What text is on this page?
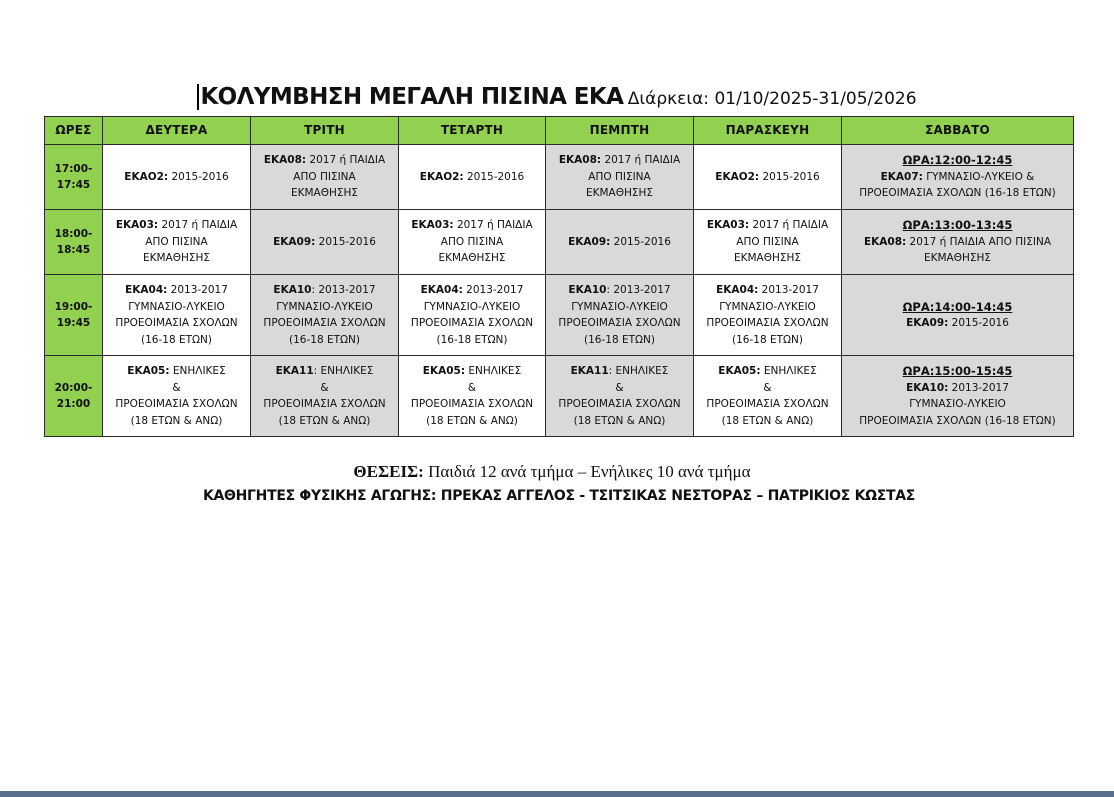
ΚΟΛΥΜΒΗΣΗ ΜΕΓΑΛΗ ΠΙΣΙΝΑ ΕΚΑ Διάρκεια: 01/10/2025-31/05/2026
ΩΡΕΣ	ΔΕΥΤΕΡΑ	ΤΡΙΤΗ	ΤΕΤΑΡΤΗ	ΠΕΜΠΤΗ	ΠΑΡΑΣΚΕΥΗ	ΣΑΒΒΑΤΟ

17:00-
17:45	ΕΚΑΟ2: 2015-2016	ΕΚΑ08: 2017 ή ΠΑΙΔΙΑ
ΑΠΟ ΠΙΣΙΝΑ
ΕΚΜΑΘΗΣΗΣ	ΕΚΑΟ2: 2015-2016	ΕΚΑ08: 2017 ή ΠΑΙΔΙΑ
ΑΠΟ ΠΙΣΙΝΑ
ΕΚΜΑΘΗΣΗΣ	ΕΚΑΟ2: 2015-2016	ΩΡΑ:12:00-12:45
ΕΚΑ07: ΓΥΜΝΑΣΙΟ-ΛΥΚΕΙΟ &
ΠΡΟΕΟΙΜΑΣΙΑ ΣΧΟΛΩΝ (16-18 ΕΤΩΝ)

18:00-
18:45	ΕΚΑ03: 2017 ή ΠΑΙΔΙΑ
ΑΠΟ ΠΙΣΙΝΑ
ΕΚΜΑΘΗΣΗΣ	ΕΚΑ09: 2015-2016	ΕΚΑ03: 2017 ή ΠΑΙΔΙΑ
ΑΠΟ ΠΙΣΙΝΑ
ΕΚΜΑΘΗΣΗΣ	ΕΚΑ09: 2015-2016	ΕΚΑ03: 2017 ή ΠΑΙΔΙΑ
ΑΠΟ ΠΙΣΙΝΑ
ΕΚΜΑΘΗΣΗΣ	ΩΡΑ:13:00-13:45
ΕΚΑ08: 2017 ή ΠΑΙΔΙΑ ΑΠΟ ΠΙΣΙΝΑ
ΕΚΜΑΘΗΣΗΣ

19:00-
19:45	ΕΚΑ04: 2013-2017
ΓΥΜΝΑΣΙΟ-ΛΥΚΕΙΟ
ΠΡΟΕΟΙΜΑΣΙΑ ΣΧΟΛΩΝ
(16-18 ΕΤΩΝ)	ΕΚΑ10: 2013-2017
ΓΥΜΝΑΣΙΟ-ΛΥΚΕΙΟ
ΠΡΟΕΟΙΜΑΣΙΑ ΣΧΟΛΩΝ
(16-18 ΕΤΩΝ)	ΕΚΑ04: 2013-2017
ΓΥΜΝΑΣΙΟ-ΛΥΚΕΙΟ
ΠΡΟΕΟΙΜΑΣΙΑ ΣΧΟΛΩΝ
(16-18 ΕΤΩΝ)	ΕΚΑ10: 2013-2017
ΓΥΜΝΑΣΙΟ-ΛΥΚΕΙΟ
ΠΡΟΕΟΙΜΑΣΙΑ ΣΧΟΛΩΝ
(16-18 ΕΤΩΝ)	ΕΚΑ04: 2013-2017
ΓΥΜΝΑΣΙΟ-ΛΥΚΕΙΟ
ΠΡΟΕΟΙΜΑΣΙΑ ΣΧΟΛΩΝ
(16-18 ΕΤΩΝ)	ΩΡΑ:14:00-14:45
ΕΚΑ09: 2015-2016

20:00-
21:00	ΕΚΑ05: ΕΝΗΛΙΚΕΣ
&
ΠΡΟΕΟΙΜΑΣΙΑ ΣΧΟΛΩΝ
(18 ΕΤΩΝ & ΑΝΩ)	ΕΚΑ11: ΕΝΗΛΙΚΕΣ
&
ΠΡΟΕΟΙΜΑΣΙΑ ΣΧΟΛΩΝ
(18 ΕΤΩΝ & ΑΝΩ)	ΕΚΑ05: ΕΝΗΛΙΚΕΣ
&
ΠΡΟΕΟΙΜΑΣΙΑ ΣΧΟΛΩΝ
(18 ΕΤΩΝ & ΑΝΩ)	ΕΚΑ11: ΕΝΗΛΙΚΕΣ
&
ΠΡΟΕΟΙΜΑΣΙΑ ΣΧΟΛΩΝ
(18 ΕΤΩΝ & ΑΝΩ)	ΕΚΑ05: ΕΝΗΛΙΚΕΣ
&
ΠΡΟΕΟΙΜΑΣΙΑ ΣΧΟΛΩΝ
(18 ΕΤΩΝ & ΑΝΩ)	ΩΡΑ:15:00-15:45
ΕΚΑ10: 2013-2017
ΓΥΜΝΑΣΙΟ-ΛΥΚΕΙΟ
ΠΡΟΕΟΙΜΑΣΙΑ ΣΧΟΛΩΝ (16-18 ΕΤΩΝ)
ΘΕΣΕΙΣ: Παιδιά 12 ανά τμήμα – Ενήλικες 10 ανά τμήμα
ΚΑΘΗΓΗΤΕΣ ΦΥΣΙΚΗΣ ΑΓΩΓΗΣ: ΠΡΕΚΑΣ ΑΓΓΕΛΟΣ - ΤΣΙΤΣΙΚΑΣ ΝΕΣΤΟΡΑΣ – ΠΑΤΡΙΚΙΟΣ ΚΩΣΤΑΣ
